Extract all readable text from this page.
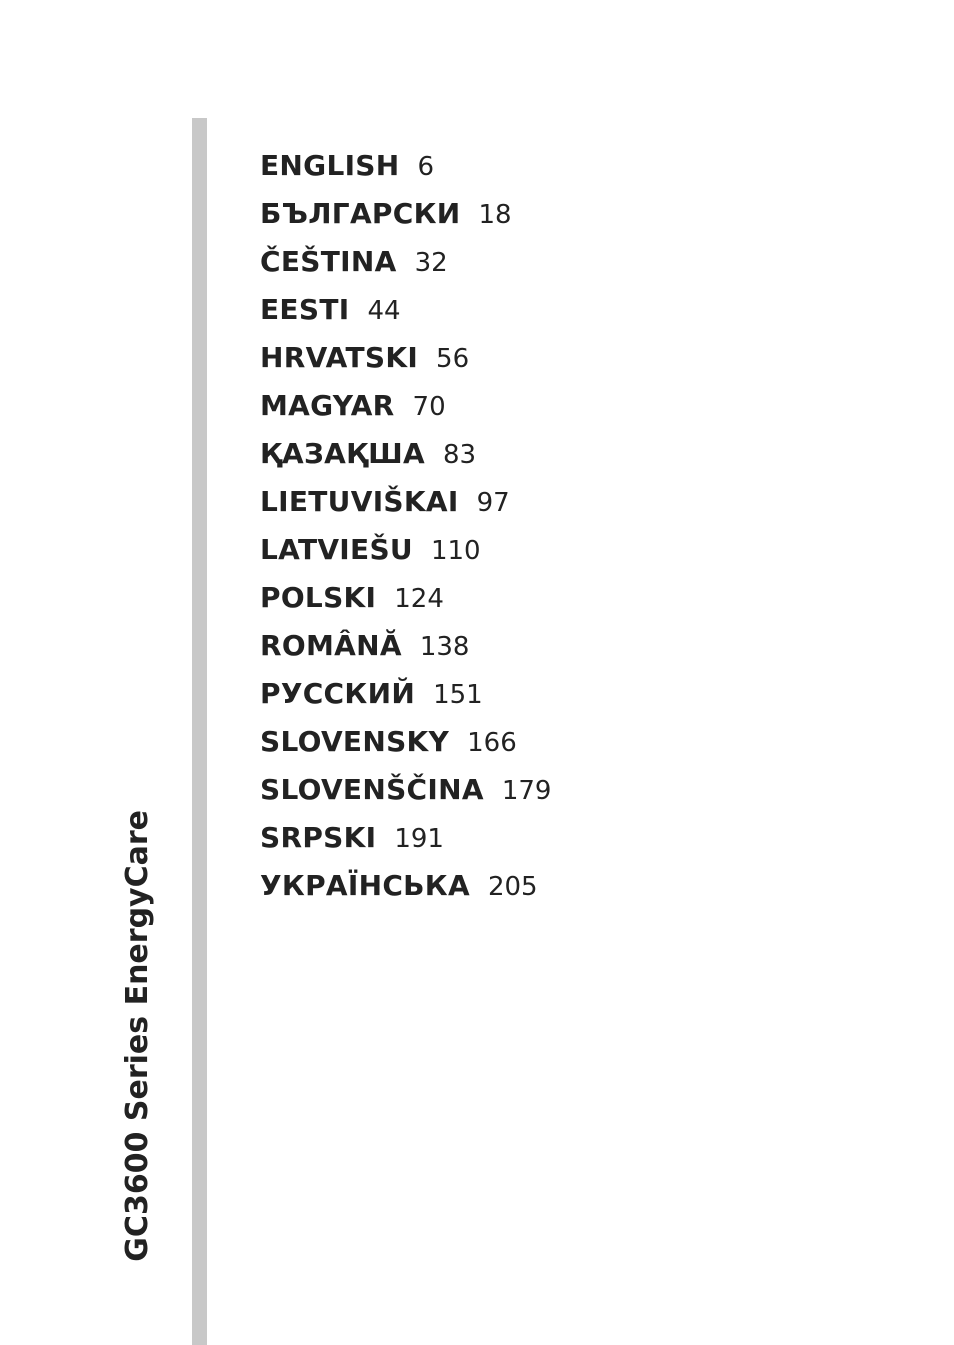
GC3600 Series EnergyCare
ENGLISH 6
БЪЛГАРСКИ 18
ČEŠTINA 32
EESTI 44
HRVATSKI 56
MAGYAR 70
ҚАЗАҚША 83
LIETUVIŠKAI 97
LATVIEŠU 110
POLSKI 124
ROMÂNĂ 138
РУССКИЙ 151
SLOVENSKY 166
SLOVENŠČINA 179
SRPSKI 191
УКРАЇНСЬКА 205
